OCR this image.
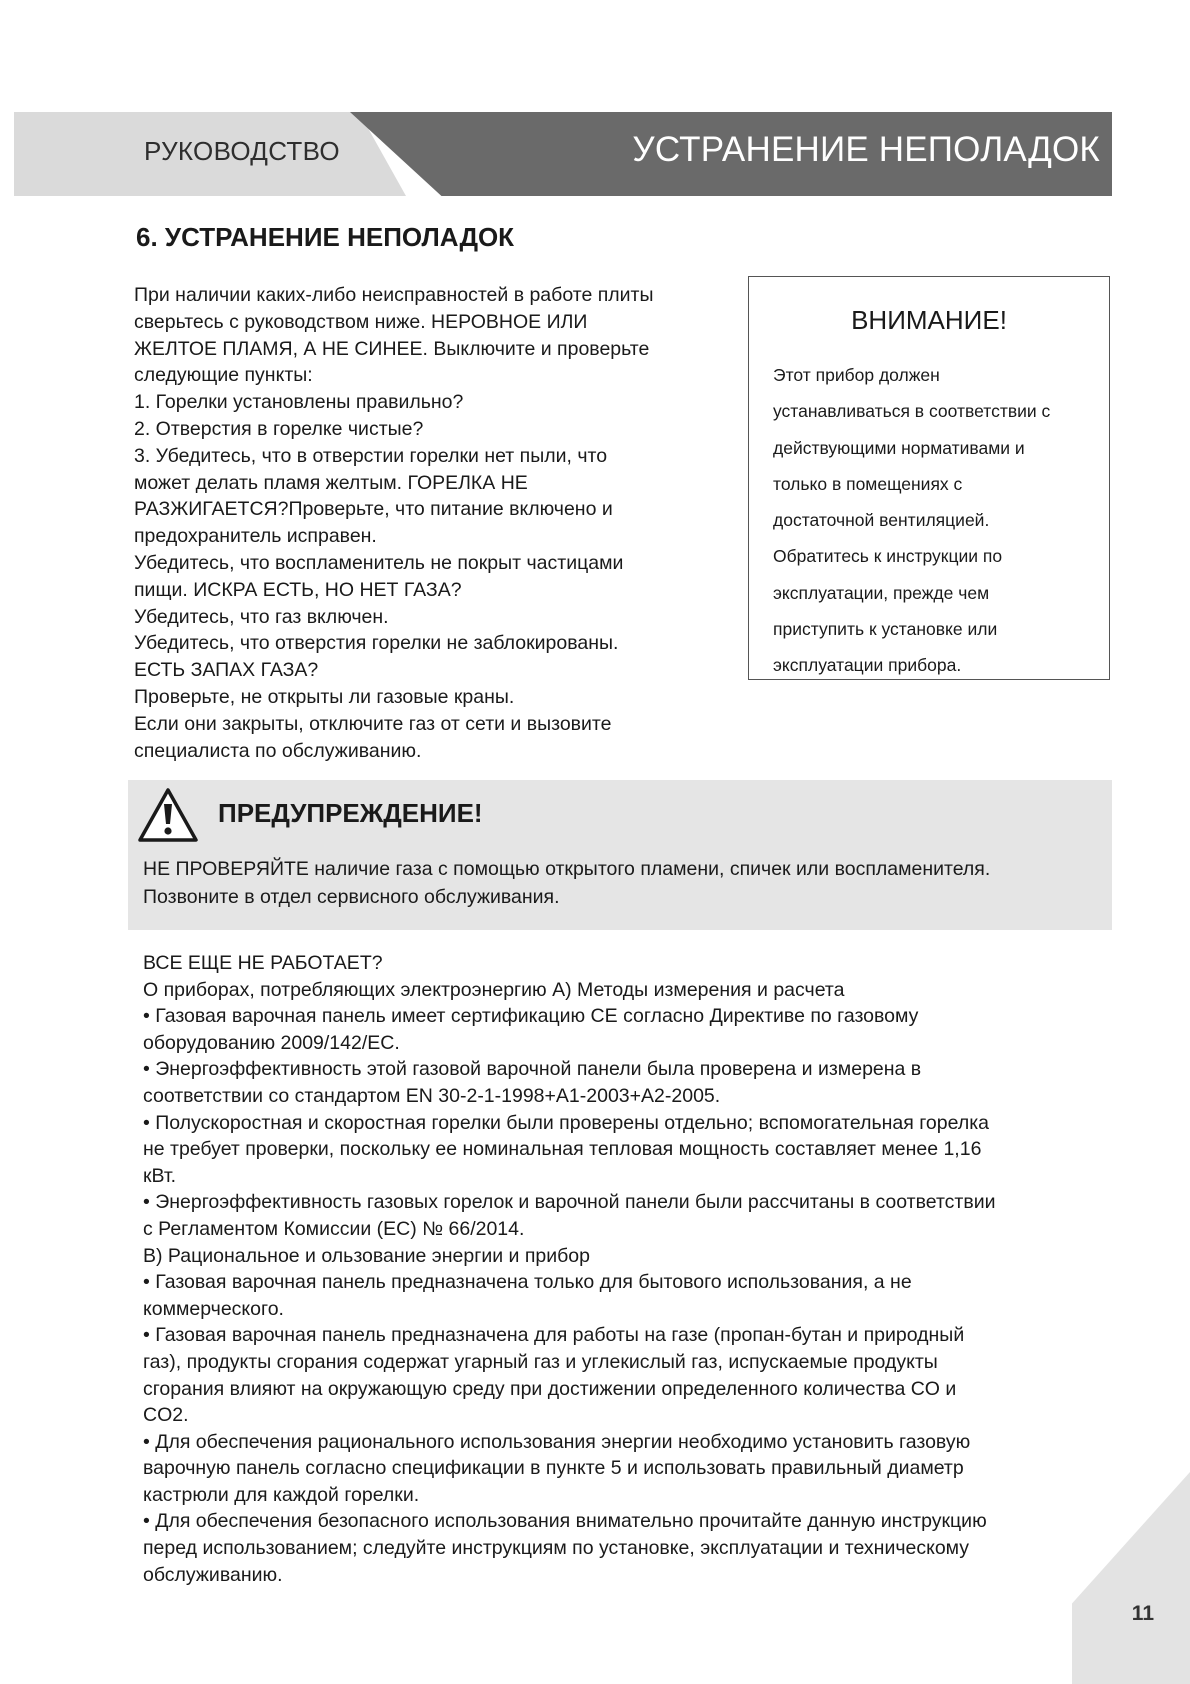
РУКОВОДСТВО	УСТРАНЕНИЕ НЕПОЛАДОК
6. УСТРАНЕНИЕ НЕПОЛАДОК

При наличии каких-либо неисправностей в работе плиты

сверьтесь с руководством ниже. НЕРОВНОЕ ИЛИ

ЖЕЛТОЕ ПЛАМЯ, А НЕ СИНЕЕ. Выключите и проверьте

следующие пункты:

1. Горелки установлены правильно?

2. Отверстия в горелке чистые?

3. Убедитесь, что в отверстии горелки нет пыли, что

может делать пламя желтым. ГОРЕЛКА НЕ

РАЗЖИГАЕТСЯ?Проверьте, что питание включено и

предохранитель исправен.

Убедитесь, что воспламенитель не покрыт частицами

пищи. ИСКРА ЕСТЬ, НО НЕТ ГАЗА?

Убедитесь, что газ включен.

Убедитесь, что отверстия горелки не заблокированы.

ЕСТЬ ЗАПАХ ГАЗА?

Проверьте, не открыты ли газовые краны.

Если они закрыты, отключите газ от сети и вызовите

специалиста по обслуживанию.

ВНИМАНИЕ!

Этот прибор должен

устанавливаться в соответствии с

действующими нормативами и

только в помещениях с

достаточной вентиляцией.

Обратитесь к инструкции по

эксплуатации, прежде чем

приступить к установке или

эксплуатации прибора.

ПРЕДУПРЕЖДЕНИЕ!

НЕ ПРОВЕРЯЙТЕ наличие газа с помощью открытого пламени, спичек или воспламенителя.

Позвоните в отдел сервисного обслуживания.

ВСЕ ЕЩЕ НЕ РАБОТАЕТ?

О приборах, потребляющих электроэнергию А) Методы измерения и расчета

• Газовая варочная панель имеет сертификацию CE согласно Директиве по газовому

оборудованию 2009/142/ЕС.

• Энергоэффективность этой газовой варочной панели была проверена и измерена в

соответствии со стандартом EN 30-2-1-1998+A1-2003+A2-2005.

• Полускоростная и скоростная горелки были проверены отдельно; вспомогательная горелка

не требует проверки, поскольку ее номинальная тепловая мощность составляет менее 1,16

кВт.

• Энергоэффективность газовых горелок и варочной панели были рассчитаны в соответствии

с Регламентом Комиссии (ЕС) № 66/2014.

B) Рациональное и ользование энергии и прибор

• Газовая варочная панель предназначена только для бытового использования, а не

коммерческого.

• Газовая варочная панель предназначена для работы на газе (пропан-бутан и природный

газ), продукты сгорания содержат угарный газ и углекислый газ, испускаемые продукты

сгорания влияют на окружающую среду при достижении определенного количества CO и

CO2.

• Для обеспечения рационального использования энергии необходимо установить газовую

варочную панель согласно спецификации в пункте 5 и использовать правильный диаметр

кастрюли для каждой горелки.

• Для обеспечения безопасного использования внимательно прочитайте данную инструкцию

перед использованием; следуйте инструкциям по установке, эксплуатации и техническому

обслуживанию.

11
